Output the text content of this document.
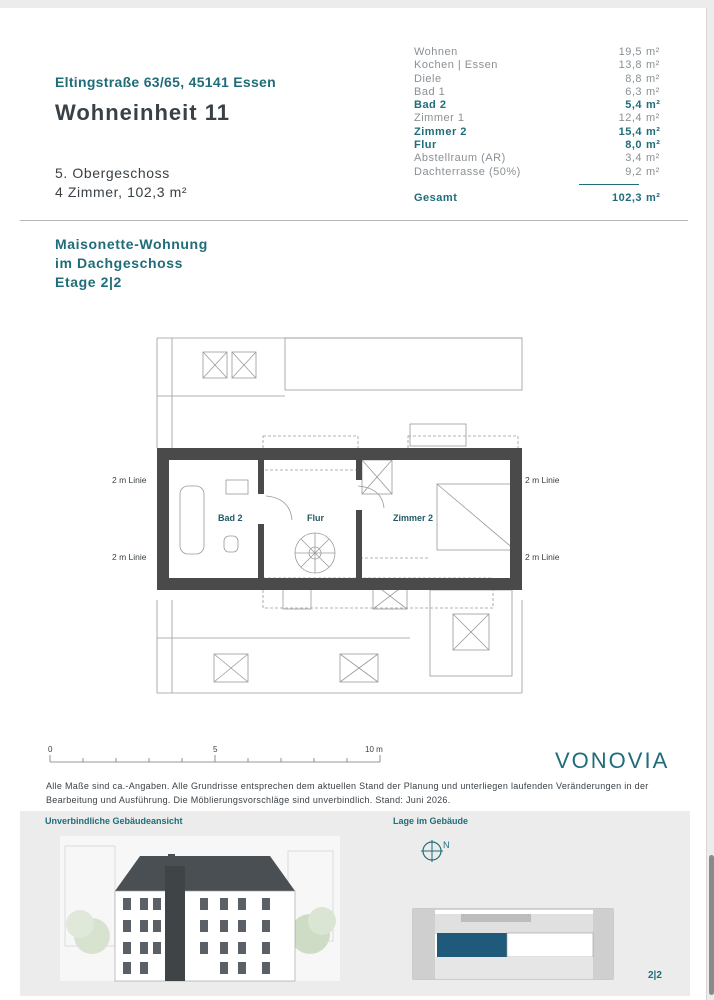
Eltingstraße 63/65, 45141 Essen
Wohneinheit 11
5. Obergeschoss
4 Zimmer, 102,3 m²
Wohnen	19,5 m²
Kochen | Essen	13,8 m²
Diele	8,8 m²
Bad 1	6,3 m²
Bad 2	5,4 m²
Zimmer 1	12,4 m²
Zimmer 2	15,4 m²
Flur	8,0 m²
Abstellraum (AR)	3,4 m²
Dachterrasse (50%)	9,2 m²
Gesamt	102,3 m²
Maisonette-Wohnung
im Dachgeschoss
Etage 2|2
Bad 2	Flur	Zimmer 2
2 m Linie
2 m Linie
2 m Linie
2 m Linie
0	5	10 m	VONOVIA
Alle Maße sind ca.-Angaben. Alle Grundrisse entsprechen dem aktuellen Stand der Planung und unterliegen laufenden Veränderungen in der Bearbeitung und Ausführung. Die Möblierungsvorschläge sind unverbindlich. Stand: Juni 2026.
Unverbindliche Gebäudeansicht	Lage im Gebäude
N
2|2
